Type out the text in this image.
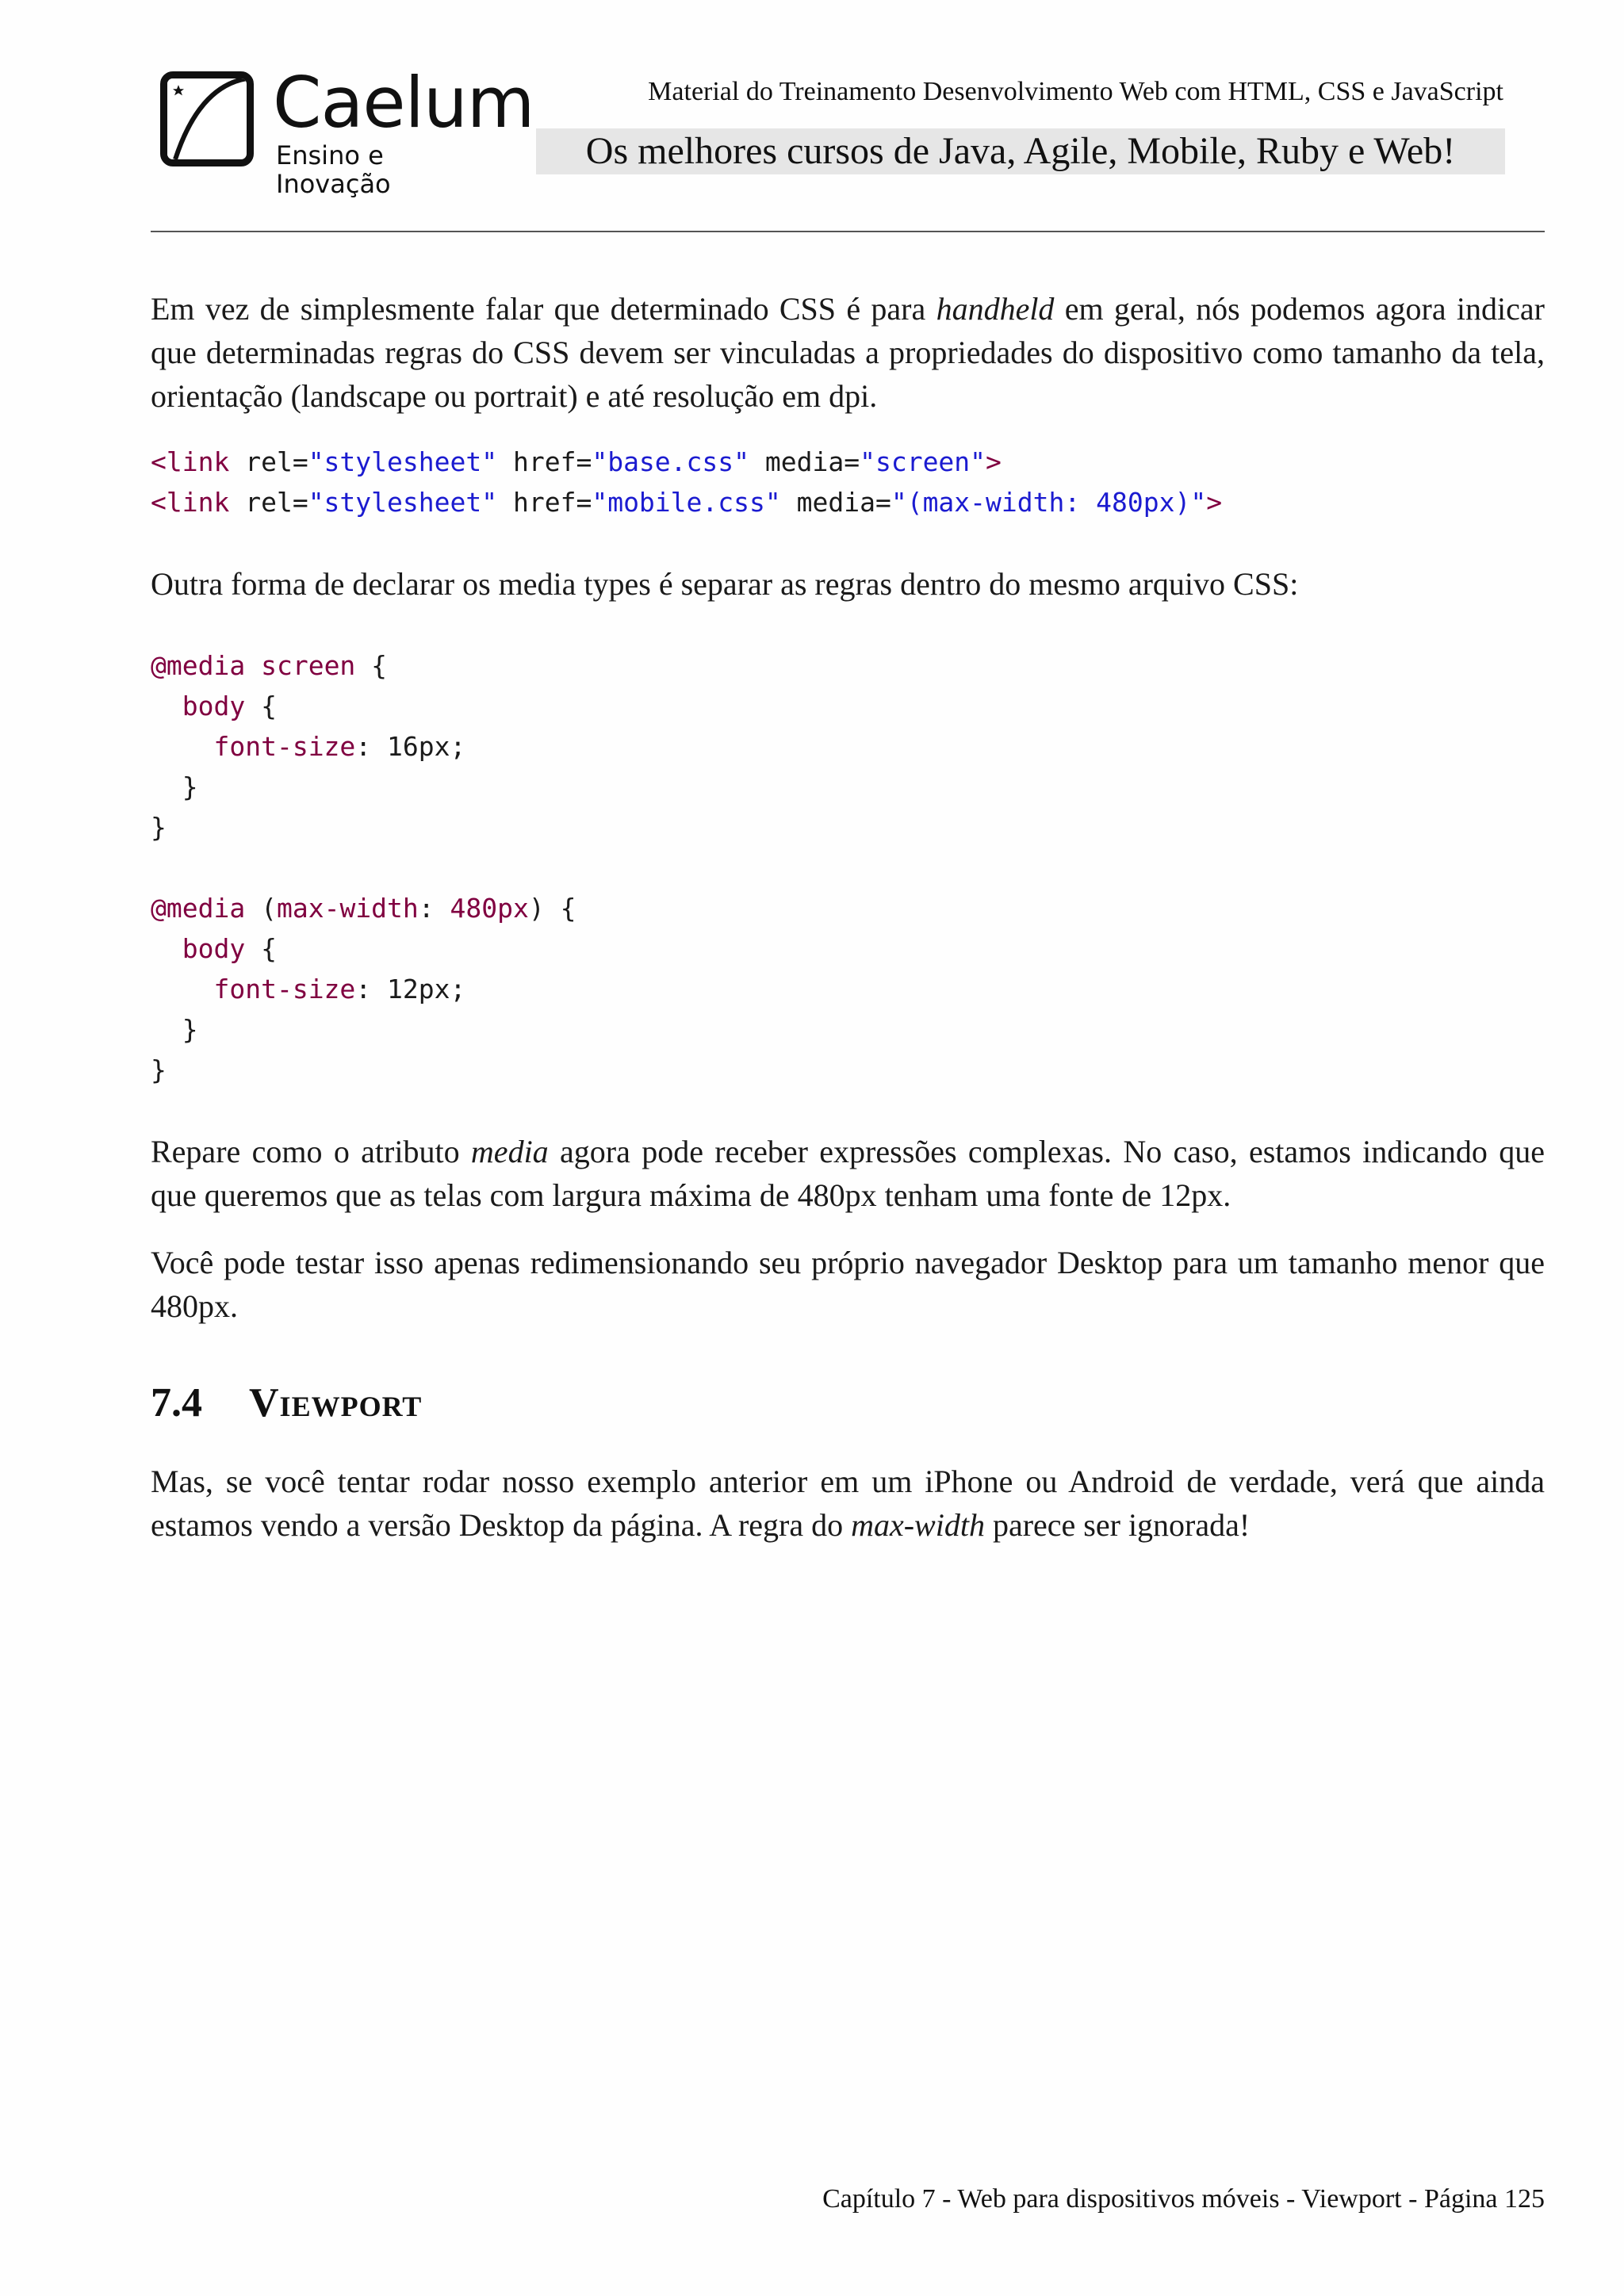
Caelum
Ensino e Inovação
Material do Treinamento Desenvolvimento Web com HTML, CSS e JavaScript
Os melhores cursos de Java, Agile, Mobile, Ruby e Web!

Em vez de simplesmente falar que determinado CSS é para handheld em geral, nós podemos agora indicar que determinadas regras do CSS devem ser vinculadas a propriedades do dispositivo como tamanho da tela, orientação (landscape ou portrait) e até resolução em dpi.

<link rel="stylesheet" href="base.css" media="screen">
<link rel="stylesheet" href="mobile.css" media="(max-width: 480px)">

Outra forma de declarar os media types é separar as regras dentro do mesmo arquivo CSS:

@media screen {
body {
font-size: 16px;
}
}

@media (max-width: 480px) {
body {
font-size: 12px;
}
}

Repare como o atributo media agora pode receber expressões complexas. No caso, estamos indicando que que queremos que as telas com largura máxima de 480px tenham uma fonte de 12px.

Você pode testar isso apenas redimensionando seu próprio navegador Desktop para um tamanho menor que 480px.

7.4 Viewport

Mas, se você tentar rodar nosso exemplo anterior em um iPhone ou Android de verdade, verá que ainda estamos vendo a versão Desktop da página. A regra do max-width parece ser ignorada!

Capítulo 7 - Web para dispositivos móveis - Viewport - Página 125
